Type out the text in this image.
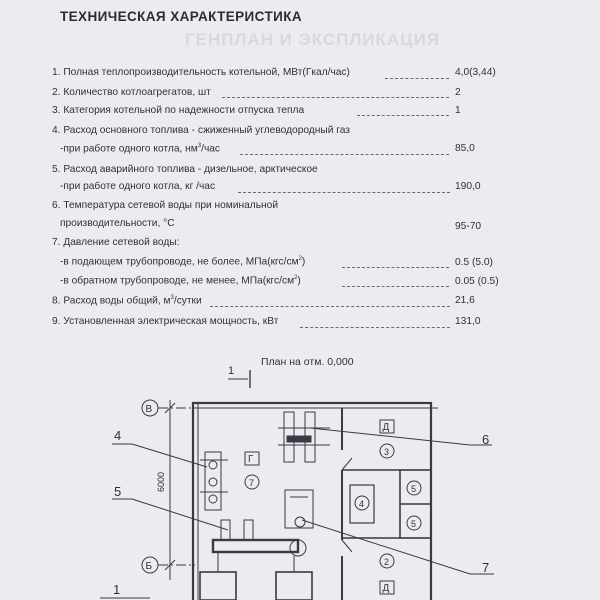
ГЕНПЛАН И ЭКСПЛИКАЦИЯ
ТЕХНИЧЕСКАЯ ХАРАКТЕРИСТИКА
1. Полная теплопроизводительность котельной, МВт(Гкал/час)	4,0(3,44)
2. Количество котлоагрегатов, шт	2
3. Категория котельной по надежности отпуска тепла	1
4. Расход основного топлива - сжиженный углеводородный газ
-при работе одного котла, $нм^3$/час	85,0
5. Расход аварийного топлива - дизельное, арктическое
-при работе одного котла, кг /час	190,0
6. Температура сетевой воды при номинальной
производительности, °С	95-70
7. Давление сетевой воды:
-в подающем трубопроводе, не более, $МПа(кгс/см^2)$	0.5 (5.0)
-в обратном трубопроводе, не менее, $МПа(кгс/см^2)$	0.05 (0.5)
8. Расход воды общий, $м^3$/сутки	21,6
9. Установленная электрическая мощность, кВт	131,0
План на отм. 0,000
1
В
Б
6000
Г
Д
Д
3
7
4
5
5
2
4
5
6
7
1
